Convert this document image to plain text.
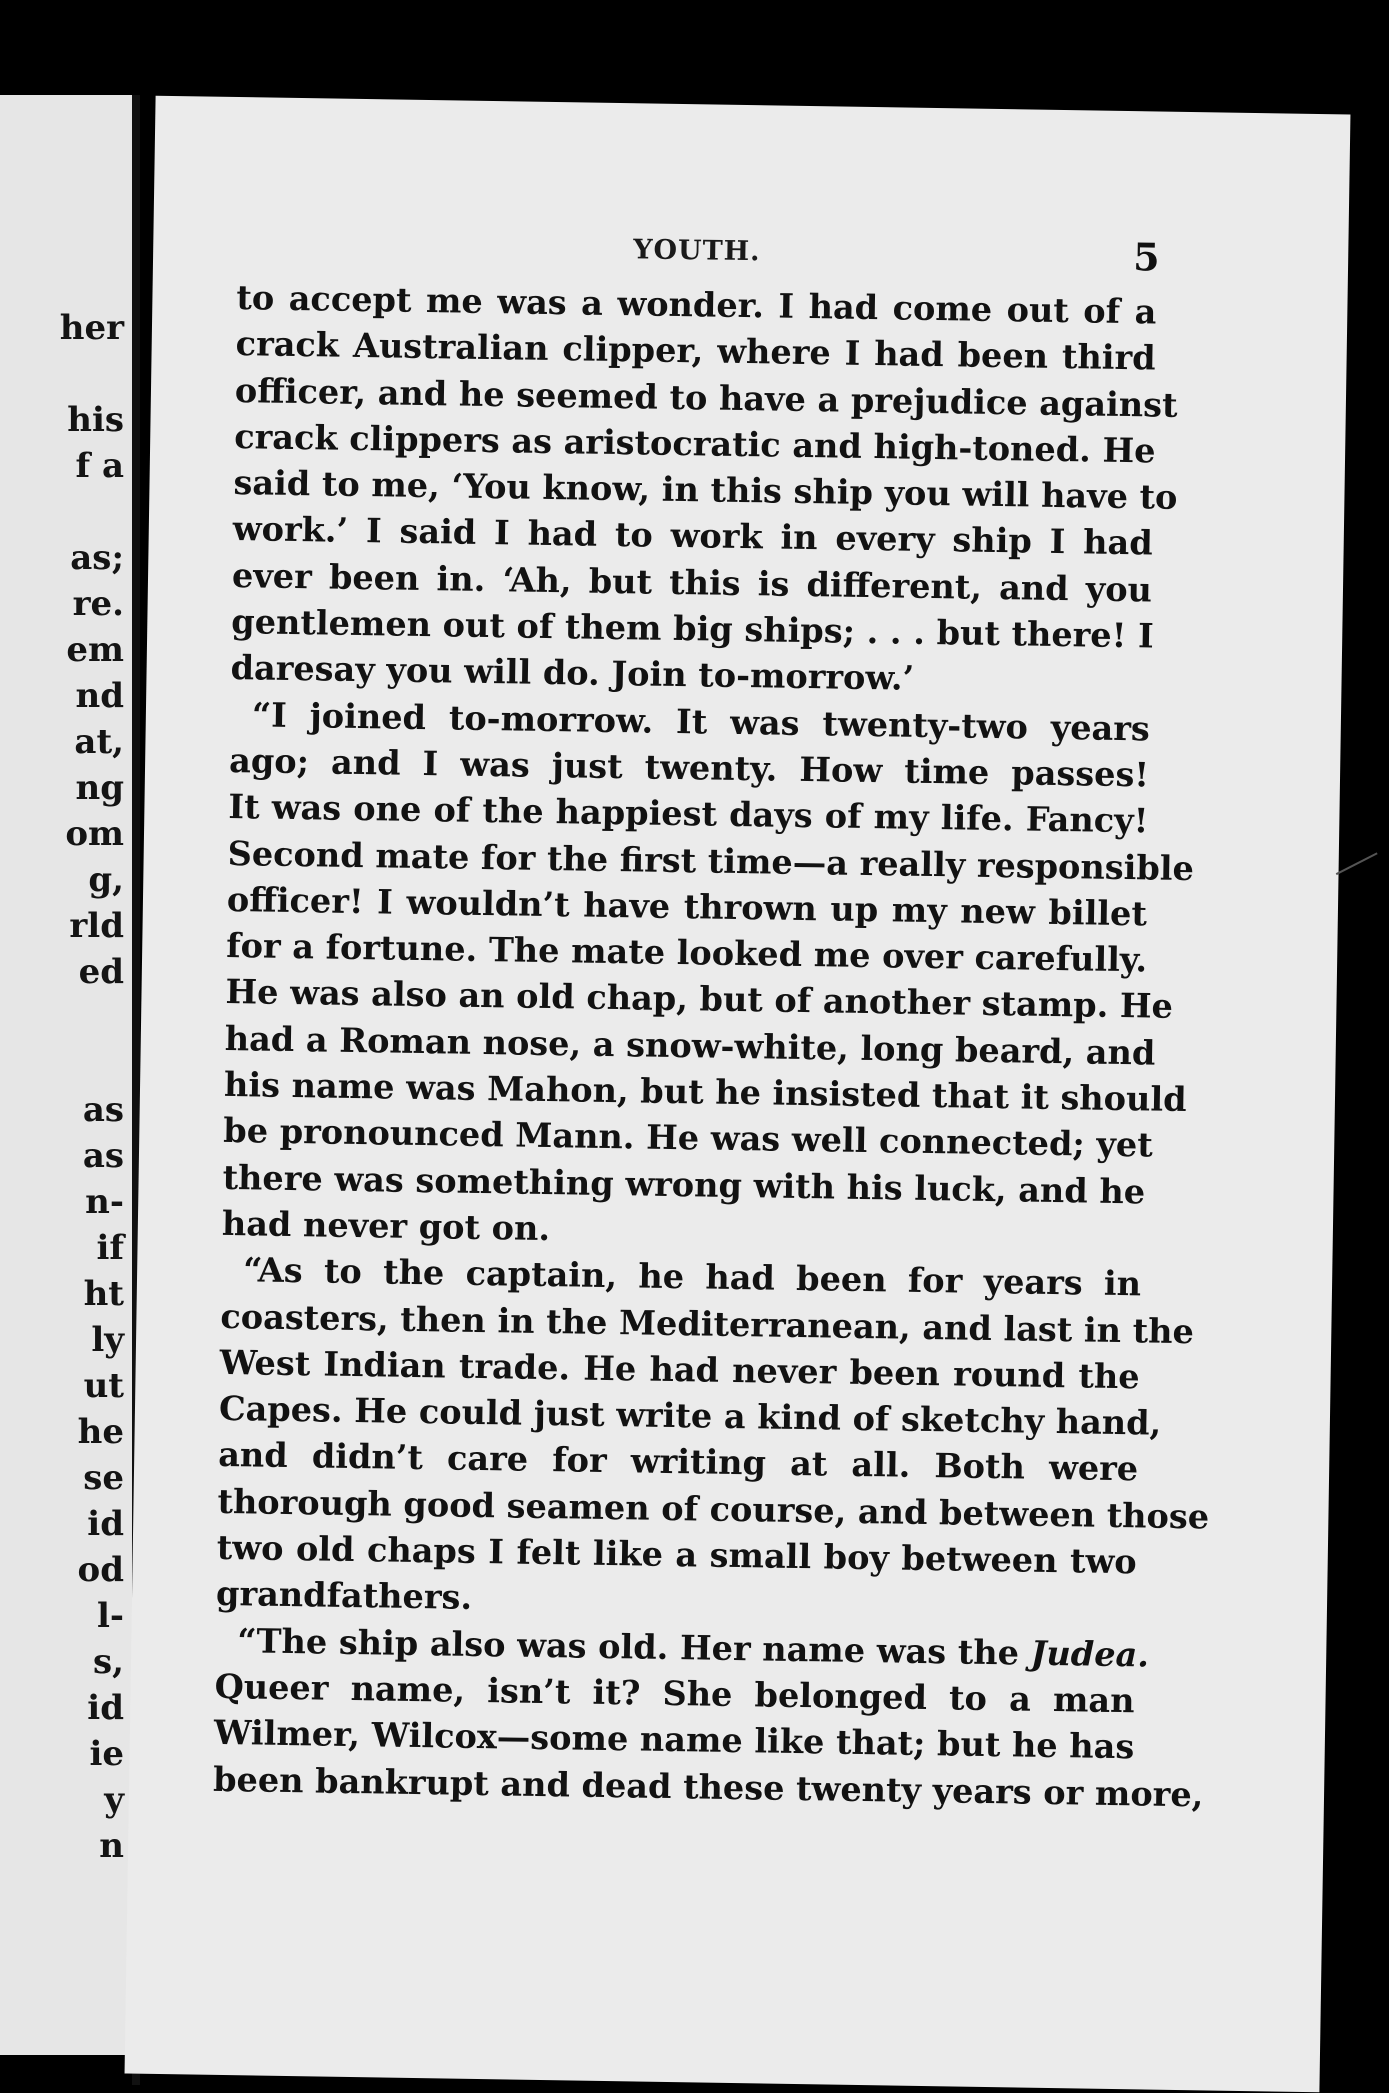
her
his
f a
as;
re.
em
nd
at,
ng
om
g,
rld
ed
as
as
n-
if
ht
ly
ut
he
se
id
od
l-
s,
id
ie
y
n
YOUTH.	5
to accept me was a wonder. I had come out of a
crack Australian clipper, where I had been third
officer, and he seemed to have a prejudice against
crack clippers as aristocratic and high-toned. He
said to me, ‘You know, in this ship you will have to
work.’ I said I had to work in every ship I had
ever been in. ‘Ah, but this is different, and you
gentlemen out of them big ships; . . . but there! I
daresay you will do. Join to-morrow.’
“I joined to-morrow. It was twenty-two years
ago; and I was just twenty. How time passes!
It was one of the happiest days of my life. Fancy!
Second mate for the first time—a really responsible
officer! I wouldn’t have thrown up my new billet
for a fortune. The mate looked me over carefully.
He was also an old chap, but of another stamp. He
had a Roman nose, a snow-white, long beard, and
his name was Mahon, but he insisted that it should
be pronounced Mann. He was well connected; yet
there was something wrong with his luck, and he
had never got on.
“As to the captain, he had been for years in
coasters, then in the Mediterranean, and last in the
West Indian trade. He had never been round the
Capes. He could just write a kind of sketchy hand,
and didn’t care for writing at all. Both were
thorough good seamen of course, and between those
two old chaps I felt like a small boy between two
grandfathers.
“The ship also was old. Her name was the Judea.
Queer name, isn’t it? She belonged to a man
Wilmer, Wilcox—some name like that; but he has
been bankrupt and dead these twenty years or more,
